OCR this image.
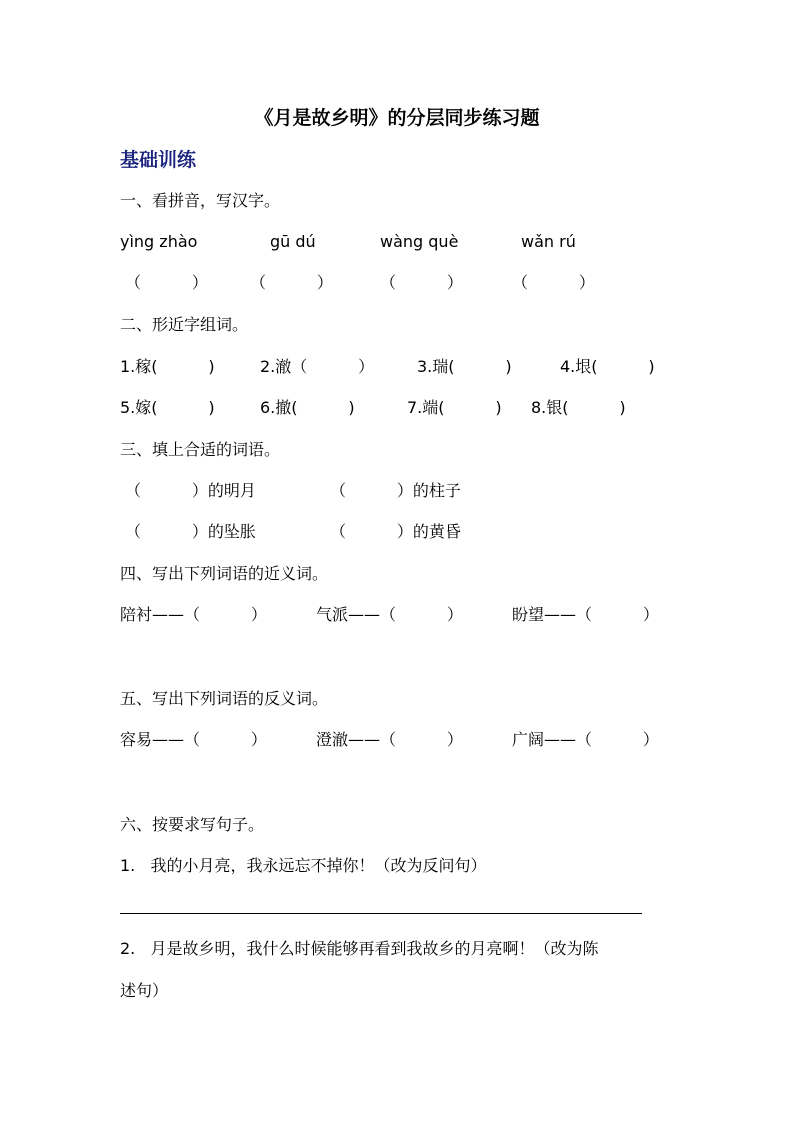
《月是故乡明》的分层同步练习题
基础训练
一、看拼音，写汉字。
yìng zhào	gū dú	wàng què	wǎn rú
（          ）	（          ）	（          ）	（          ）
二、形近字组词。
1.稼(          )	2.澈（          ）	3.瑞(          )	4.垠(          )
5.嫁(          )	6.撤(          )	7.端(          ) 8.银(          )
三、填上合适的词语。
（          ）的明月	（          ）的柱子
（          ）的坠胀	（          ）的黄昏
四、写出下列词语的近义词。
陪衬——（          ）	气派——（          ）	盼望——（          ）
五、写出下列词语的反义词。
容易——（          ）	澄澈——（          ）	广阔——（          ）
六、按要求写句子。
1.   我的小月亮，我永远忘不掉你！（改为反问句）
2.   月是故乡明，我什么时候能够再看到我故乡的月亮啊！（改为陈
述句）
